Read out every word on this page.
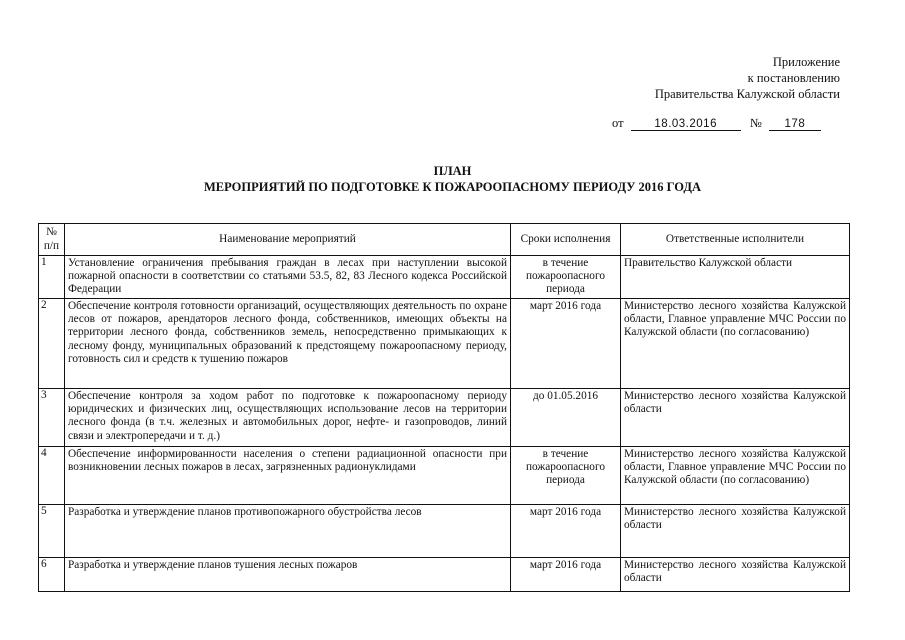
Приложение
к постановлению
Правительства Калужской области
от	18.03.2016	№ 178
ПЛАН
МЕРОПРИЯТИЙ ПО ПОДГОТОВКЕ К ПОЖАРООПАСНОМУ ПЕРИОДУ 2016 ГОДА
№ п/п	Наименование мероприятий	Сроки исполнения	Ответственные исполнители
1	Установление ограничения пребывания граждан в лесах при наступлении высокой пожарной опасности в соответствии со статьями 53.5, 82, 83 Лесного кодекса Российской Федерации	в течение пожароопасного периода	Правительство Калужской области
2	Обеспечение контроля готовности организаций, осуществляющих деятельность по охране лесов от пожаров, арендаторов лесного фонда, собственников, имеющих объекты на территории лесного фонда, собственников земель, непосредственно примыкающих к лесному фонду, муниципальных образований к предстоящему пожароопасному периоду, готовность сил и средств к тушению пожаров	март 2016 года	Министерство лесного хозяйства Калужской области, Главное управление МЧС России по Калужской области (по согласованию)
3	Обеспечение контроля за ходом работ по подготовке к пожароопасному периоду юридических и физических лиц, осуществляющих использование лесов на территории лесного фонда (в т.ч. железных и автомобильных дорог, нефте- и газопроводов, линий связи и электропередачи и т. д.)	до 01.05.2016	Министерство лесного хозяйства Калужской области
4	Обеспечение информированности населения о степени радиационной опасности при возникновении лесных пожаров в лесах, загрязненных радионуклидами	в течение пожароопасного периода	Министерство лесного хозяйства Калужской области, Главное управление МЧС России по Калужской области (по согласованию)
5	Разработка и утверждение планов противопожарного обустройства лесов	март 2016 года	Министерство лесного хозяйства Калужской области
6	Разработка и утверждение планов тушения лесных пожаров	март 2016 года	Министерство лесного хозяйства Калужской области
